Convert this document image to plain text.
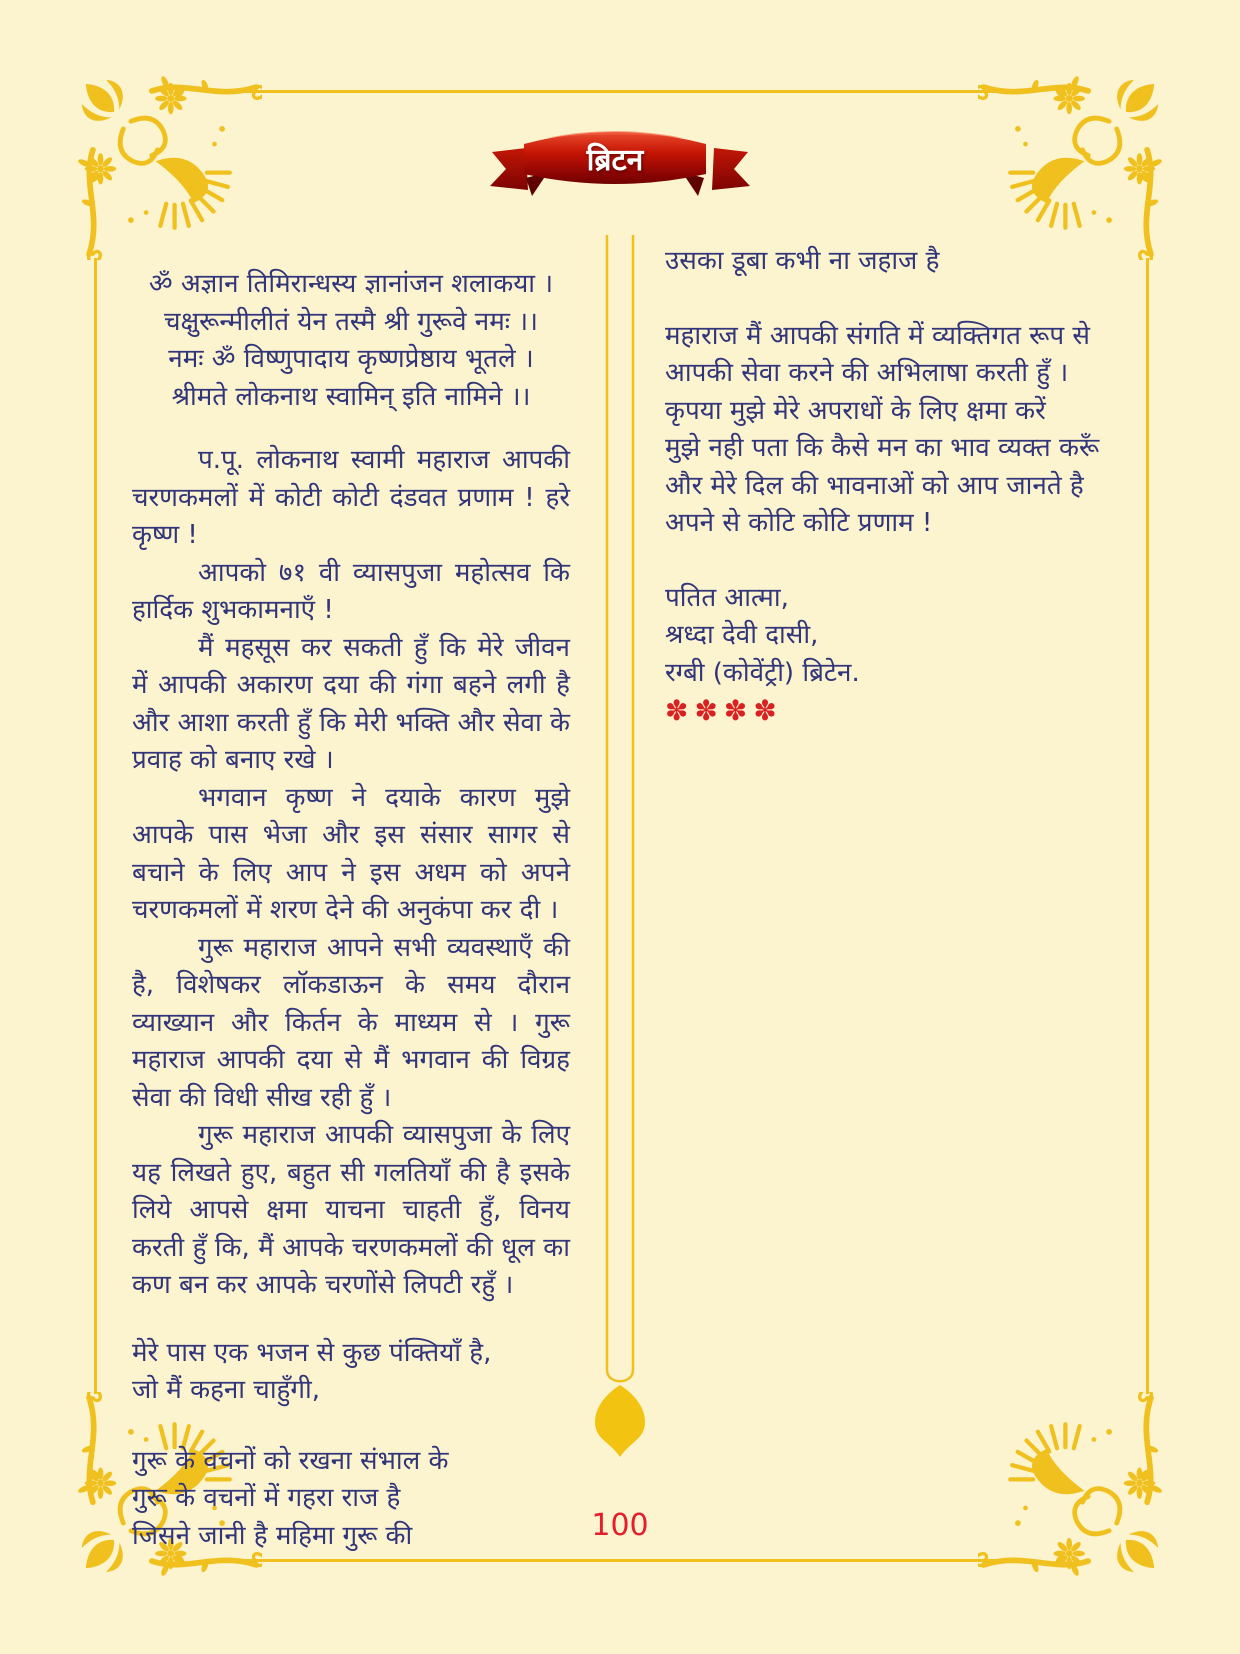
ब्रिटन

ॐ अज्ञान तिमिरान्धस्य ज्ञानांजन शलाकया ।

चक्षुरून्मीलीतं येन तस्मै श्री गुरूवे नमः ।।

नमः ॐ विष्णुपादाय कृष्णप्रेष्ठाय भूतले ।

श्रीमते लोकनाथ स्वामिन् इति नामिने ।।

प.पू. लोकनाथ स्वामी महाराज आपकी चरणकमलों में कोटी कोटी दंडवत प्रणाम ! हरे कृष्ण !

आपको ७१ वी व्यासपुजा महोत्सव कि हार्दिक शुभकामनाएँ !

मैं महसूस कर सकती हुँ कि मेरे जीवन में आपकी अकारण दया की गंगा बहने लगी है और आशा करती हुँ कि मेरी भक्ति और सेवा के प्रवाह को बनाए रखे ।

भगवान कृष्ण ने दयाके कारण मुझे आपके पास भेजा और इस संसार सागर से बचाने के लिए आप ने इस अधम को अपने चरणकमलों में शरण देने की अनुकंपा कर दी ।

गुरू महाराज आपने सभी व्यवस्थाएँ की है, विशेषकर लॉकडाऊन के समय दौरान व्याख्यान और किर्तन के माध्यम से । गुरू महाराज आपकी दया से मैं भगवान की विग्रह सेवा की विधी सीख रही हुँ ।

गुरू महाराज आपकी व्यासपुजा के लिए यह लिखते हुए, बहुत सी गलतियाँ की है इसके लिये आपसे क्षमा याचना चाहती हुँ, विनय करती हुँ कि, मैं आपके चरणकमलों की धूल का कण बन कर आपके चरणोंसे लिपटी रहुँ ।

मेरे पास एक भजन से कुछ पंक्तियाँ है,

जो मैं कहना चाहुँगी,

गुरू के वचनों को रखना संभाल के

गुरू के वचनों में गहरा राज है

जिसने जानी है महिमा गुरू की

उसका डूबा कभी ना जहाज है

महाराज मैं आपकी संगति में व्यक्तिगत रूप से

आपकी सेवा करने की अभिलाषा करती हुँ ।

कृपया मुझे मेरे अपराधों के लिए क्षमा करें

मुझे नही पता कि कैसे मन का भाव व्यक्त करूँ

और मेरे दिल की भावनाओं को आप जानते है

अपने से कोटि कोटि प्रणाम !

पतित आत्मा,

श्रध्दा देवी दासी,

रग्बी (कोवेंट्री) ब्रिटेन.

✽✽✽✽

100
